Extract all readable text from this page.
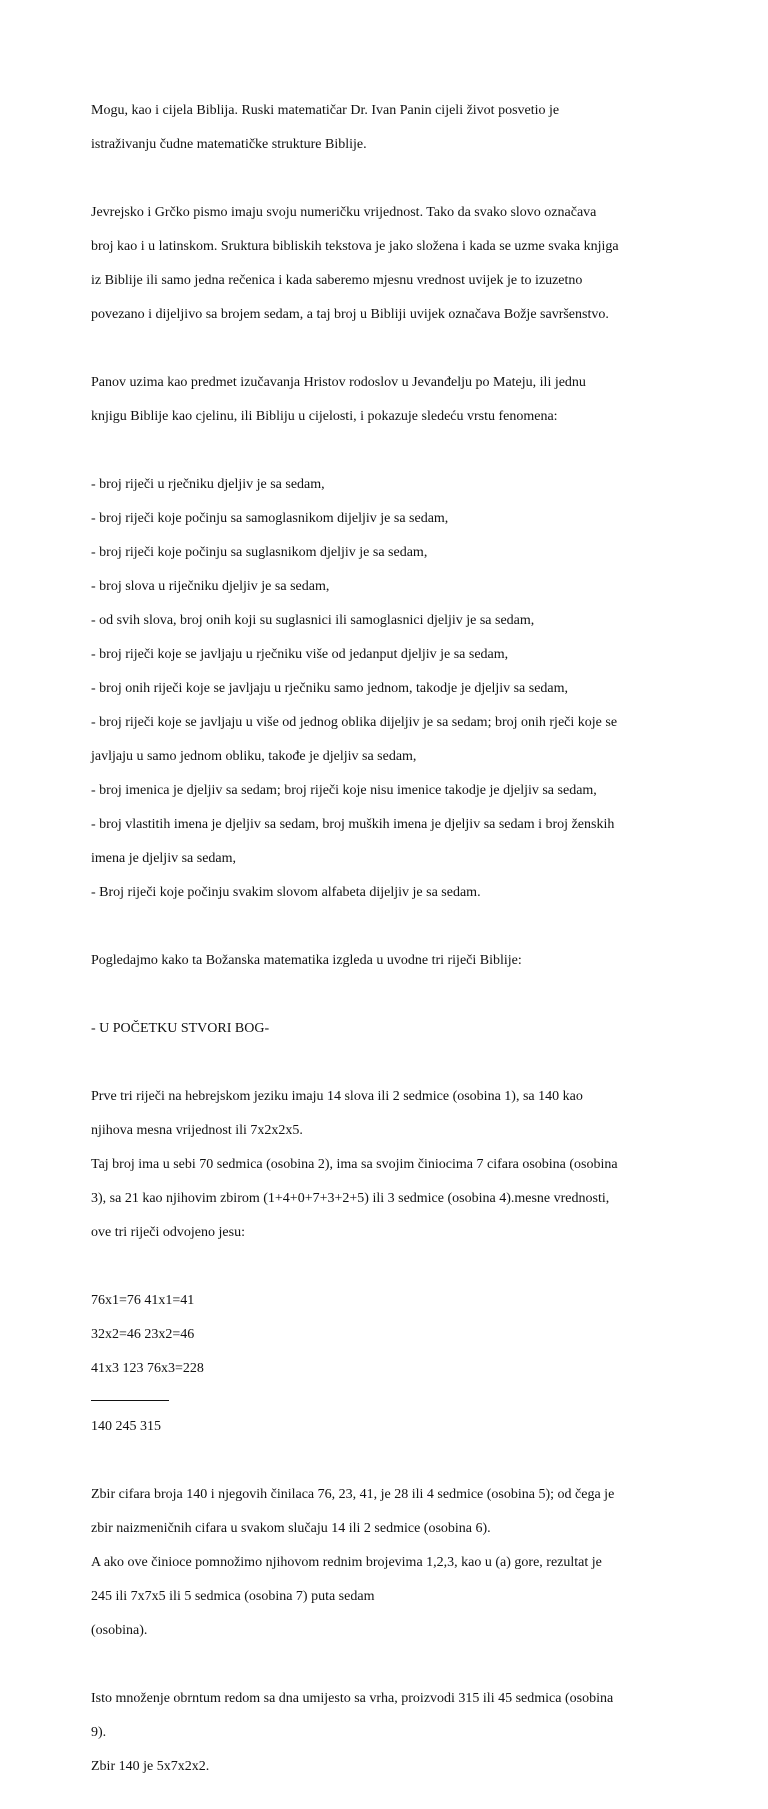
Mogu, kao i cijela Biblija. Ruski matematičar Dr. Ivan Panin cijeli život posvetio je

istraživanju čudne matematičke strukture Biblije.

Jevrejsko i Grčko pismo imaju svoju numeričku vrijednost. Tako da svako slovo označava

broj kao i u latinskom. Sruktura bibliskih tekstova je jako složena i kada se uzme svaka knjiga

iz Biblije ili samo jedna rečenica i kada saberemo mjesnu vrednost uvijek je to izuzetno

povezano i dijeljivo sa brojem sedam, a taj broj u Bibliji uvijek označava Božje savršenstvo.

Panov uzima kao predmet izučavanja Hristov rodoslov u Jevanđelju po Mateju, ili jednu

knjigu Biblije kao cjelinu, ili Bibliju u cijelosti, i pokazuje sledeću vrstu fenomena:

- broj riječi u rječniku djeljiv je sa sedam,

- broj riječi koje počinju sa samoglasnikom dijeljiv je sa sedam,

- broj riječi koje počinju sa suglasnikom djeljiv je sa sedam,

- broj slova u riječniku djeljiv je sa sedam,

- od svih slova, broj onih koji su suglasnici ili samoglasnici djeljiv je sa sedam,

- broj riječi koje se javljaju u rječniku više od jedanput djeljiv je sa sedam,

- broj onih riječi koje se javljaju u rječniku samo jednom, takodje je djeljiv sa sedam,

- broj riječi koje se javljaju u više od jednog oblika dijeljiv je sa sedam; broj onih rječi koje se

javljaju u samo jednom obliku, takođe je djeljiv sa sedam,

- broj imenica je djeljiv sa sedam; broj riječi koje nisu imenice takodje je djeljiv sa sedam,

- broj vlastitih imena je djeljiv sa sedam, broj muških imena je djeljiv sa sedam i broj ženskih

imena je djeljiv sa sedam,

- Broj riječi koje počinju svakim slovom alfabeta dijeljiv je sa sedam.

Pogledajmo kako ta Božanska matematika izgleda u uvodne tri riječi Biblije:

- U POČETKU STVORI BOG-

Prve tri riječi na hebrejskom jeziku imaju 14 slova ili 2 sedmice (osobina 1), sa 140 kao

njihova mesna vrijednost ili 7x2x2x5.

Taj broj ima u sebi 70 sedmica (osobina 2), ima sa svojim činiocima 7 cifara osobina (osobina

3), sa 21 kao njihovim zbirom (1+4+0+7+3+2+5) ili 3 sedmice (osobina 4).mesne vrednosti,

ove tri riječi odvojeno jesu:

76x1=76 41x1=41

32x2=46 23x2=46

41x3 123 76x3=228

140 245 315

Zbir cifara broja 140 i njegovih činilaca 76, 23, 41, je 28 ili 4 sedmice (osobina 5); od čega je

zbir naizmeničnih cifara u svakom slučaju 14 ili 2 sedmice (osobina 6).

A ako ove činioce pomnožimo njihovom rednim brojevima 1,2,3, kao u (a) gore, rezultat je

245 ili 7x7x5 ili 5 sedmica (osobina 7) puta sedam

(osobina).

Isto množenje obrntum redom sa dna umijesto sa vrha, proizvodi 315 ili 45 sedmica (osobina

9).

Zbir 140 je 5x7x2x2.
